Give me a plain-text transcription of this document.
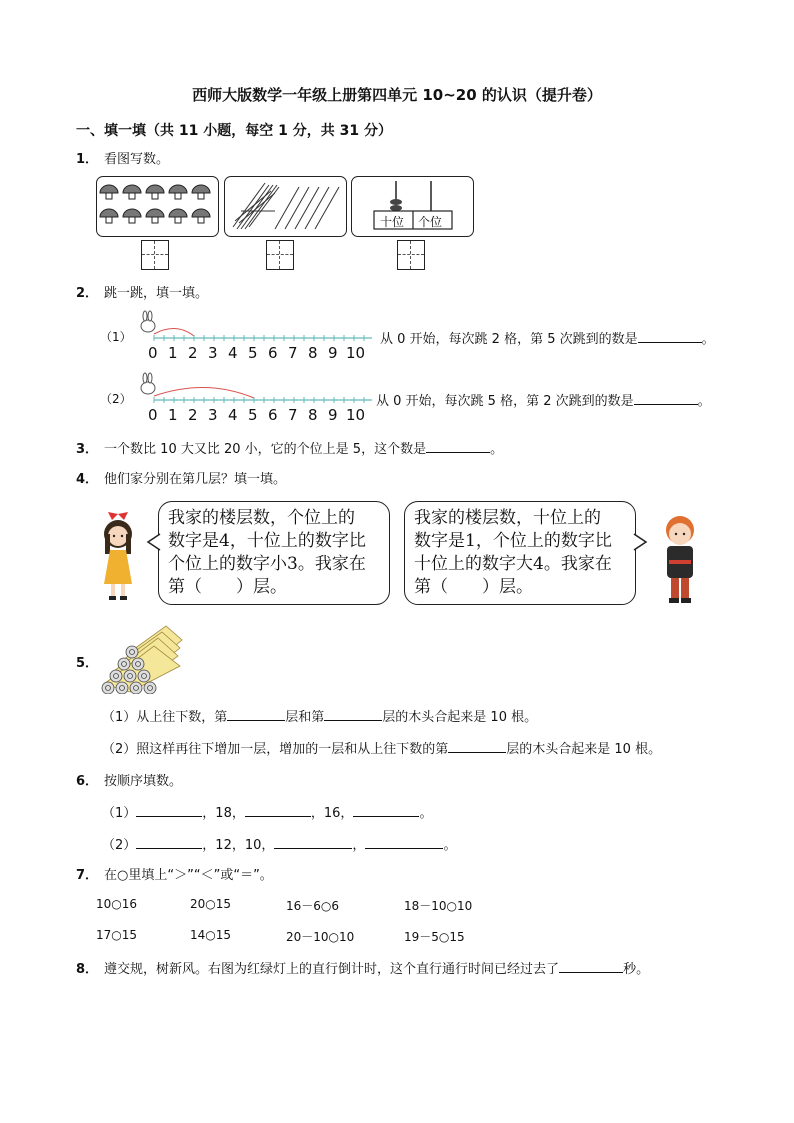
西师大版数学一年级上册第四单元 10~20 的认识（提升卷）
一、填一填（共 11 小题，每空 1 分，共 31 分）
1． 看图写数。
十位 个位
2． 跳一跳，填一填。
（1）
0 1 2 3 4 5 6 7 8 9 10
从 0 开始，每次跳 2 格，第 5 次跳到的数是	。
（2）
0 1 2 3 4 5 6 7 8 9 10
从 0 开始，每次跳 5 格，第 2 次跳到的数是	。
3． 一个数比 10 大又比 20 小，它的个位上是 5，这个数是	。
4． 他们家分别在第几层？填一填。
我家的楼层数，个位上的
数字是4，十位上的数字比
个位上的数字小3。我家在
第（　　）层。
我家的楼层数，十位上的
数字是1，个位上的数字比
十位上的数字大4。我家在
第（　　）层。
5．
（1）从上往下数，第	层和第	层的木头合起来是 10 根。
（2）照这样再往下增加一层，增加的一层和从上往下数的第	层的木头合起来是 10 根。
6． 按顺序填数。
（1）	，18，	，16，	。
（2）	，12，10，	，	。
7． 在○里填上“＞”“＜”或“＝”。
10○16	20○15	16－6○6	18－10○10
17○15	14○15	20－10○10	19－5○15
8． 遵交规，树新风。右图为红绿灯上的直行倒计时，这个直行通行时间已经过去了	秒。
